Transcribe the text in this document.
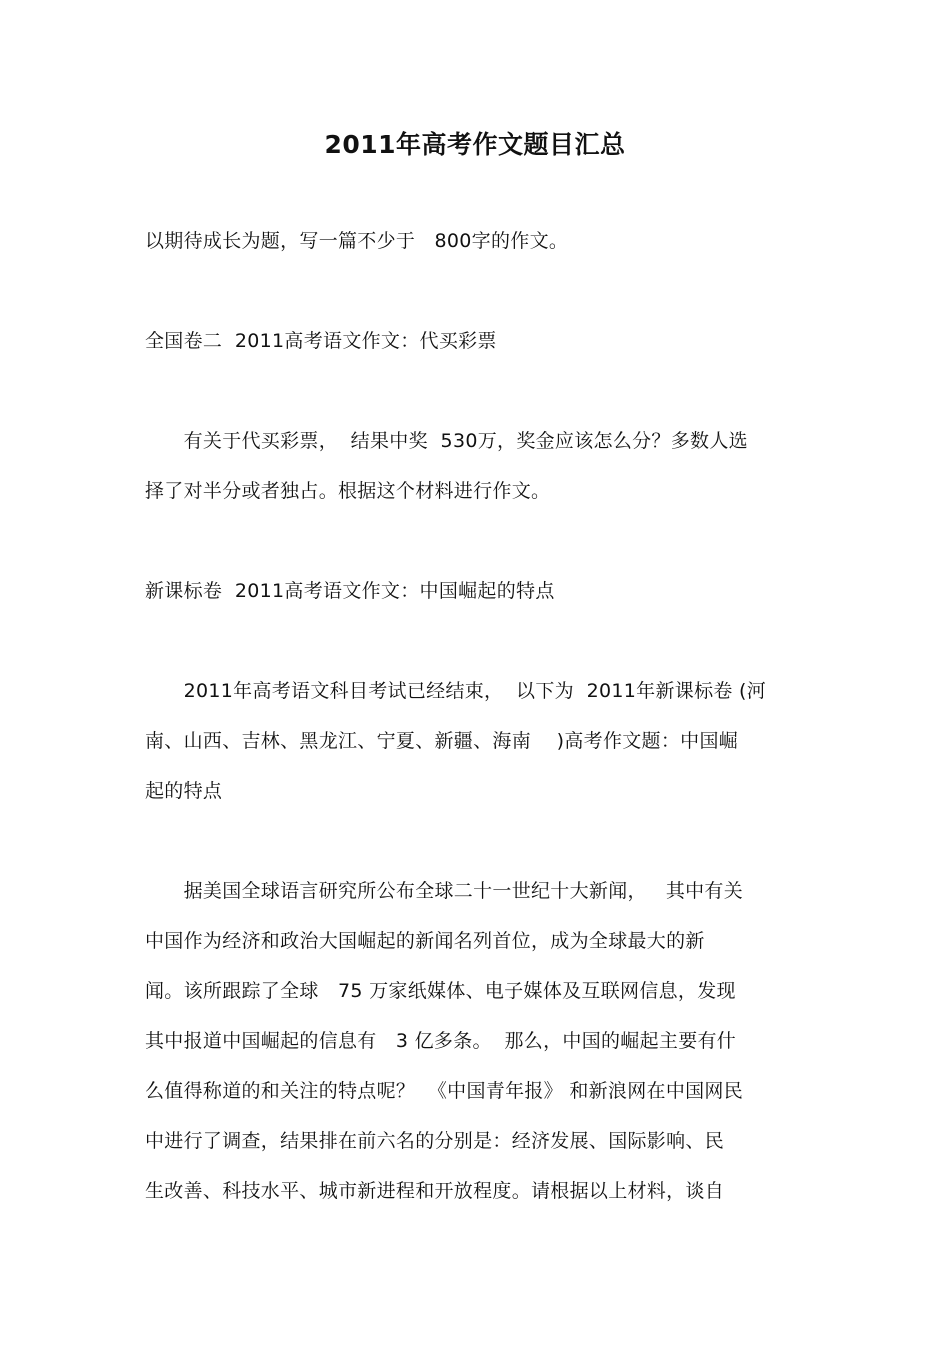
2011年高考作文题目汇总
以期待成长为题，写一篇不少于　800字的作文。
全国卷二  2011高考语文作文：代买彩票
　　有关于代买彩票，  结果中奖  530万，奖金应该怎么分？多数人选
择了对半分或者独占。根据这个材料进行作文。
新课标卷  2011高考语文作文：中国崛起的特点
　　2011年高考语文科目考试已经结束，  以下为  2011年新课标卷 (河
南、山西、吉林、黑龙江、宁夏、新疆、海南　 )高考作文题：中国崛
起的特点
　　据美国全球语言研究所公布全球二十一世纪十大新闻，   其中有关
中国作为经济和政治大国崛起的新闻名列首位，成为全球最大的新
闻。该所跟踪了全球　75 万家纸媒体、电子媒体及互联网信息，发现
其中报道中国崛起的信息有　3 亿多条。  那么，中国的崛起主要有什
么值得称道的和关注的特点呢？  《中国青年报》 和新浪网在中国网民
中进行了调查，结果排在前六名的分别是：经济发展、国际影响、民
生改善、科技水平、城市新进程和开放程度。请根据以上材料，谈自
